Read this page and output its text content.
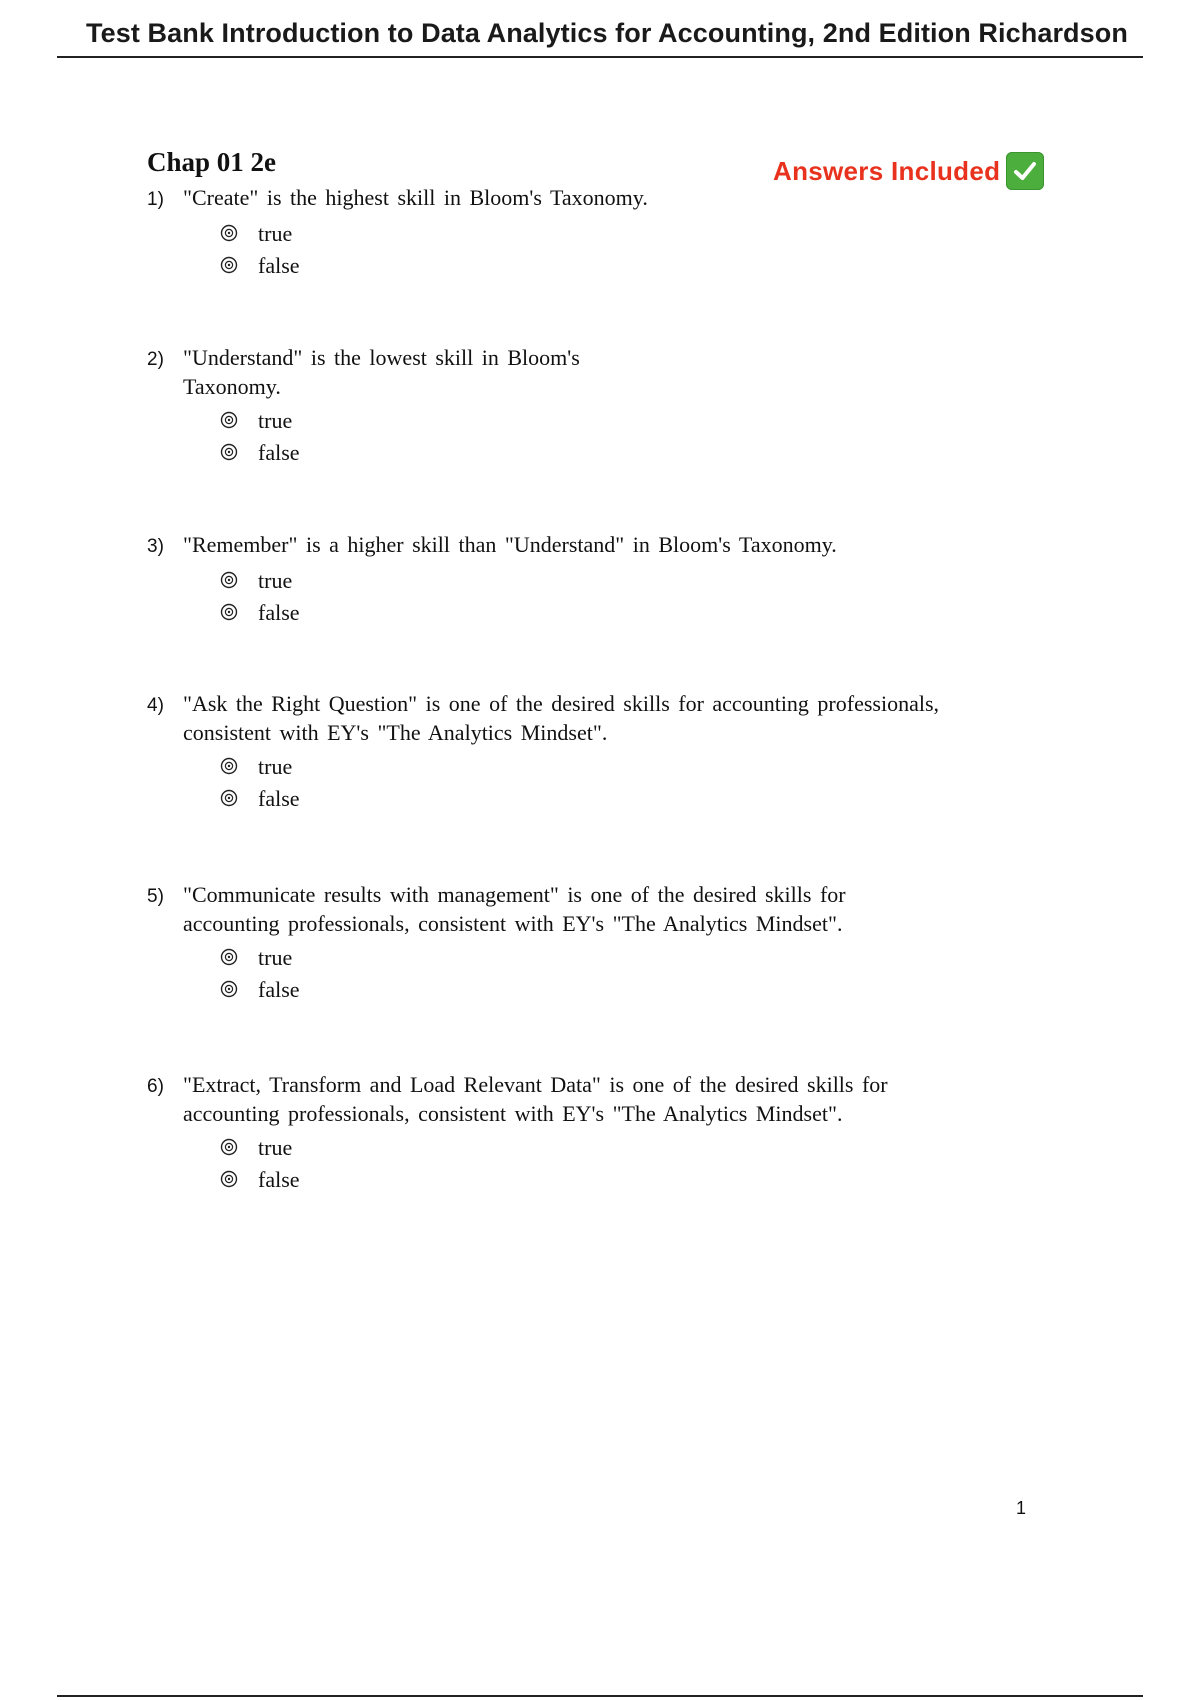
Test Bank Introduction to Data Analytics for Accounting, 2nd Edition Richardson
Chap 01 2e	Answers Included
1) "Create" is the highest skill in Bloom's Taxonomy.
true
false
2) "Understand" is the lowest skill in Bloom's Taxonomy.
true
false
3) "Remember" is a higher skill than "Understand" in Bloom's Taxonomy.
true
false
4) "Ask the Right Question" is one of the desired skills for accounting professionals, consistent with EY's "The Analytics Mindset".
true
false
5) "Communicate results with management" is one of the desired skills for accounting professionals, consistent with EY's "The Analytics Mindset".
true
false
6) "Extract, Transform and Load Relevant Data" is one of the desired skills for accounting professionals, consistent with EY's "The Analytics Mindset".
true
false
1
